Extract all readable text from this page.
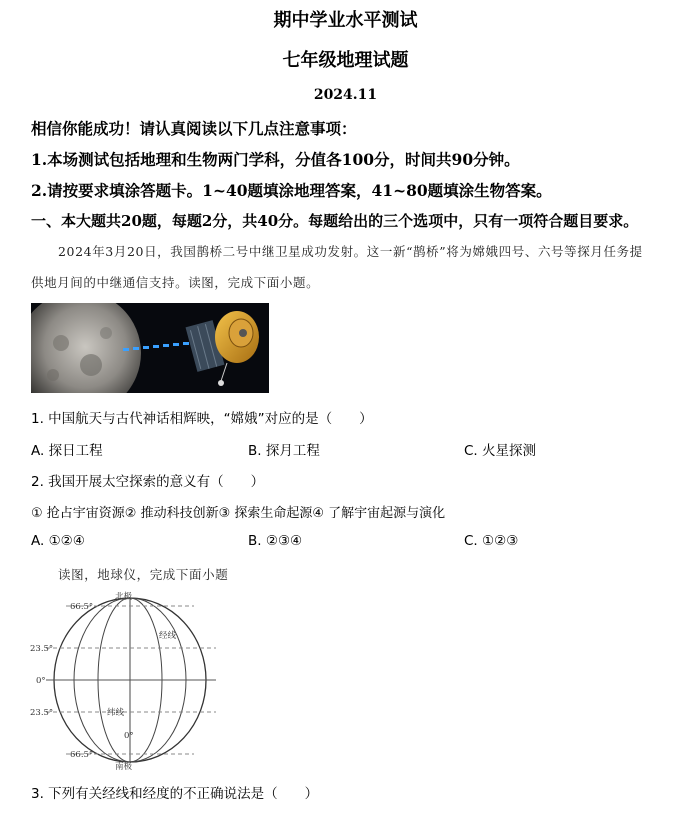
期中学业水平测试
七年级地理试题
2024.11
相信你能成功！请认真阅读以下几点注意事项：
1.本场测试包括地理和生物两门学科，分值各100分，时间共90分钟。
2.请按要求填涂答题卡。1~40题填涂地理答案，41~80题填涂生物答案。
一、本大题共20题，每题2分，共40分。每题给出的三个选项中，只有一项符合题目要求。
2024年3月20日，我国鹊桥二号中继卫星成功发射。这一新“鹊桥”将为嫦娥四号、六号等探月任务提
供地月间的中继通信支持。读图，完成下面小题。
1. 中国航天与古代神话相辉映，“嫦娥”对应的是（　　）
A. 探日工程	B. 探月工程	C. 火星探测
2. 我国开展太空探索的意义有（　　）
① 抢占宇宙资源② 推动科技创新③ 探索生命起源④ 了解宇宙起源与演化
A. ①②④	B. ②③④	C. ①②③
读图，地球仪，完成下面小题
北极
南极
经线
纬线
66.5°
23.5°
0°
23.5°
66.5°
0°
3. 下列有关经线和经度的不正确说法是（　　）
